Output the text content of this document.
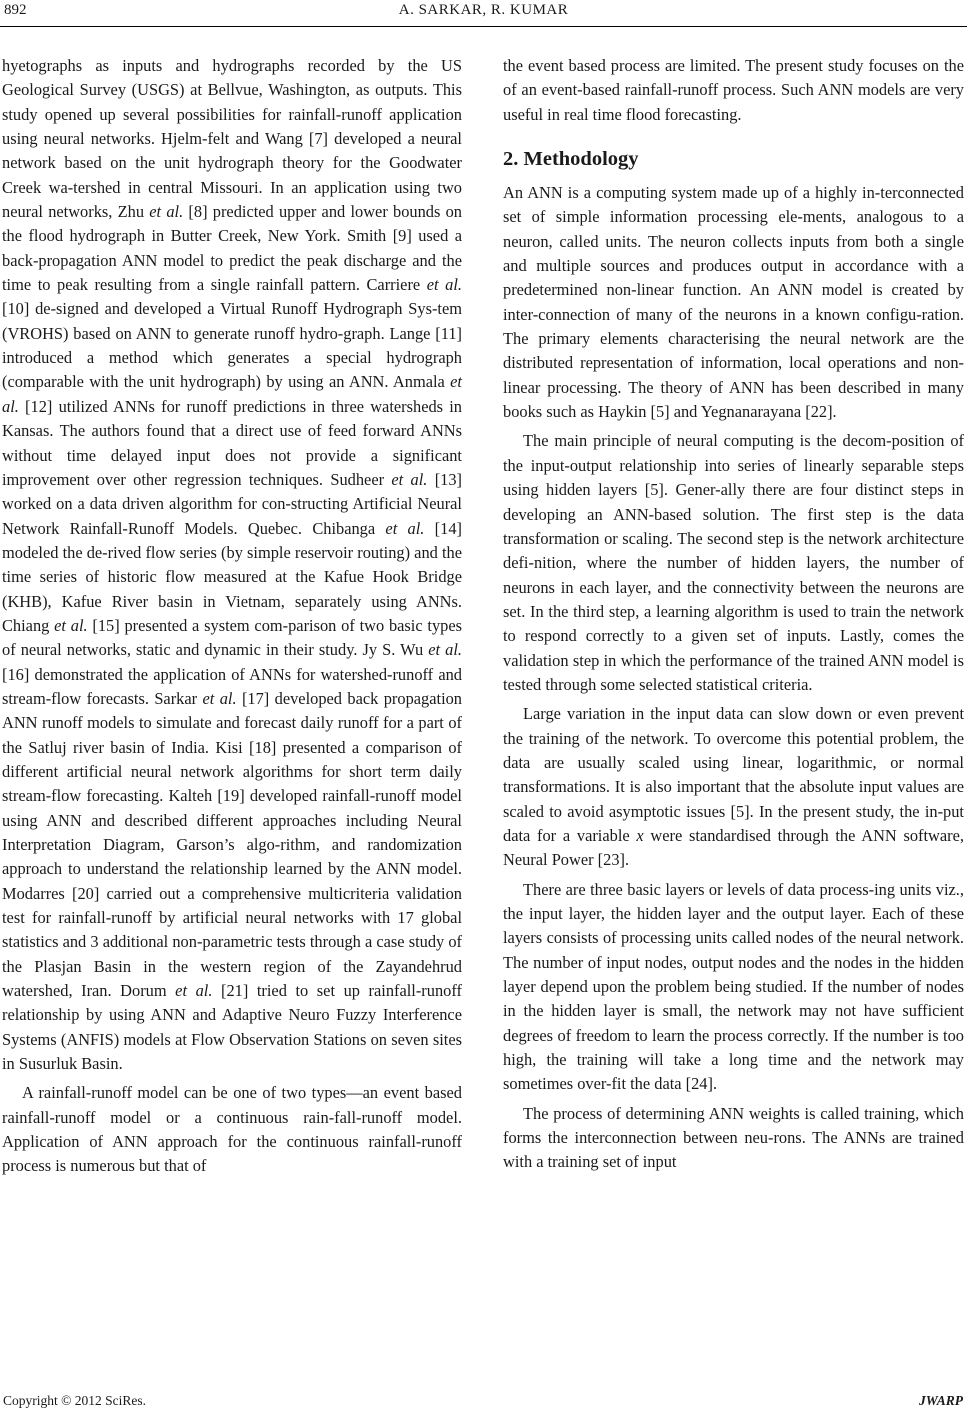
892	A. SARKAR, R. KUMAR

hyetographs as inputs and hydrographs recorded by the US Geological Survey (USGS) at Bellvue, Washington, as outputs. This study opened up several possibilities for rainfall-runoff application using neural networks. Hjelm-felt and Wang [7] developed a neural network based on the unit hydrograph theory for the Goodwater Creek wa-tershed in central Missouri. In an application using two neural networks, Zhu et al. [8] predicted upper and lower bounds on the flood hydrograph in Butter Creek, New York. Smith [9] used a back-propagation ANN model to predict the peak discharge and the time to peak resulting from a single rainfall pattern. Carriere et al. [10] de-signed and developed a Virtual Runoff Hydrograph Sys-tem (VROHS) based on ANN to generate runoff hydro-graph. Lange [11] introduced a method which generates a special hydrograph (comparable with the unit hydrograph) by using an ANN. Anmala et al. [12] utilized ANNs for runoff predictions in three watersheds in Kansas. The authors found that a direct use of feed forward ANNs without time delayed input does not provide a significant improvement over other regression techniques. Sudheer et al. [13] worked on a data driven algorithm for con-structing Artificial Neural Network Rainfall-Runoff Models. Quebec. Chibanga et al. [14] modeled the de-rived flow series (by simple reservoir routing) and the time series of historic flow measured at the Kafue Hook Bridge (KHB), Kafue River basin in Vietnam, separately using ANNs. Chiang et al. [15] presented a system com-parison of two basic types of neural networks, static and dynamic in their study. Jy S. Wu et al. [16] demonstrated the application of ANNs for watershed-runoff and stream-flow forecasts. Sarkar et al. [17] developed back propagation ANN runoff models to simulate and forecast daily runoff for a part of the Satluj river basin of India. Kisi [18] presented a comparison of different artificial neural network algorithms for short term daily stream-flow forecasting. Kalteh [19] developed rainfall-runoff model using ANN and described different approaches including Neural Interpretation Diagram, Garson’s algo-rithm, and randomization approach to understand the relationship learned by the ANN model. Modarres [20] carried out a comprehensive multicriteria validation test for rainfall-runoff by artificial neural networks with 17 global statistics and 3 additional non-parametric tests through a case study of the Plasjan Basin in the western region of the Zayandehrud watershed, Iran. Dorum et al. [21] tried to set up rainfall-runoff relationship by using ANN and Adaptive Neuro Fuzzy Interference Systems (ANFIS) models at Flow Observation Stations on seven sites in Susurluk Basin.

A rainfall-runoff model can be one of two types—an event based rainfall-runoff model or a continuous rain-fall-runoff model. Application of ANN approach for the continuous rainfall-runoff process is numerous but that of

the event based process are limited. The present study focuses on the of an event-based rainfall-runoff process. Such ANN models are very useful in real time flood forecasting.

2. Methodology

An ANN is a computing system made up of a highly in-terconnected set of simple information processing ele-ments, analogous to a neuron, called units. The neuron collects inputs from both a single and multiple sources and produces output in accordance with a predetermined non-linear function. An ANN model is created by inter-connection of many of the neurons in a known configu-ration. The primary elements characterising the neural network are the distributed representation of information, local operations and non-linear processing. The theory of ANN has been described in many books such as Haykin [5] and Yegnanarayana [22].

The main principle of neural computing is the decom-position of the input-output relationship into series of linearly separable steps using hidden layers [5]. Gener-ally there are four distinct steps in developing an ANN-based solution. The first step is the data transformation or scaling. The second step is the network architecture defi-nition, where the number of hidden layers, the number of neurons in each layer, and the connectivity between the neurons are set. In the third step, a learning algorithm is used to train the network to respond correctly to a given set of inputs. Lastly, comes the validation step in which the performance of the trained ANN model is tested through some selected statistical criteria.

Large variation in the input data can slow down or even prevent the training of the network. To overcome this potential problem, the data are usually scaled using linear, logarithmic, or normal transformations. It is also important that the absolute input values are scaled to avoid asymptotic issues [5]. In the present study, the in-put data for a variable x were standardised through the ANN software, Neural Power [23].

There are three basic layers or levels of data process-ing units viz., the input layer, the hidden layer and the output layer. Each of these layers consists of processing units called nodes of the neural network. The number of input nodes, output nodes and the nodes in the hidden layer depend upon the problem being studied. If the number of nodes in the hidden layer is small, the network may not have sufficient degrees of freedom to learn the process correctly. If the number is too high, the training will take a long time and the network may sometimes over-fit the data [24].

The process of determining ANN weights is called training, which forms the interconnection between neu-rons. The ANNs are trained with a training set of input

Copyright © 2012 SciRes.	JWARP
